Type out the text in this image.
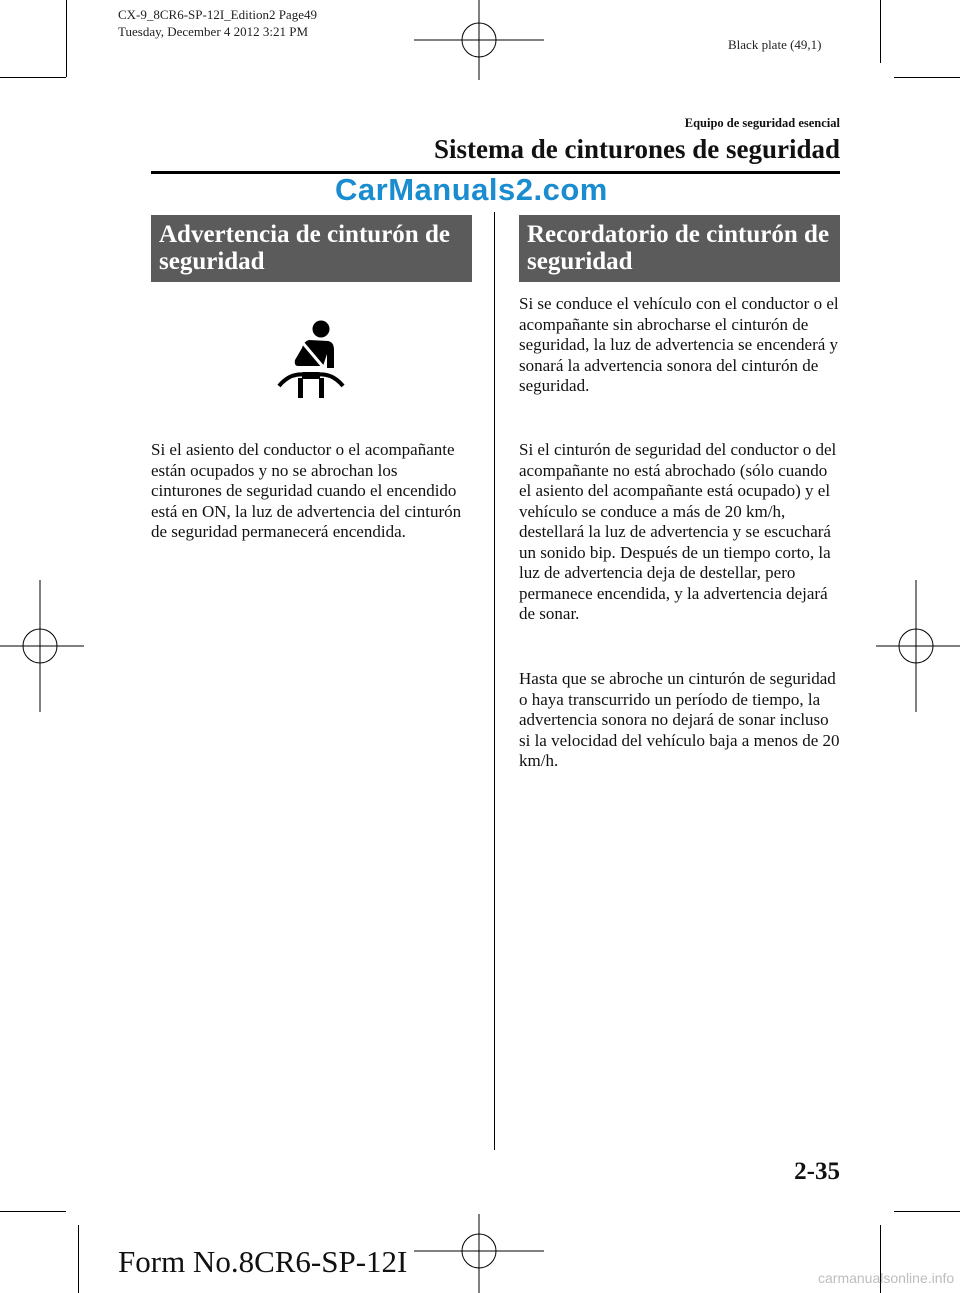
CX-9_8CR6-SP-12I_Edition2 Page49
Tuesday, December 4 2012 3:21 PM
Black plate (49,1)
Equipo de seguridad esencial
Sistema de cinturones de seguridad
CarManuals2.com
Advertencia de cinturón de seguridad
Si el asiento del conductor o el acompañante están ocupados y no se abrochan los cinturones de seguridad cuando el encendido está en ON, la luz de advertencia del cinturón de seguridad permanecerá encendida.
Recordatorio de cinturón de seguridad
Si se conduce el vehículo con el conductor o el acompañante sin abrocharse el cinturón de seguridad, la luz de advertencia se encenderá y sonará la advertencia sonora del cinturón de seguridad.
Si el cinturón de seguridad del conductor o del acompañante no está abrochado (sólo cuando el asiento del acompañante está ocupado) y el vehículo se conduce a más de 20 km/h, destellará la luz de advertencia y se escuchará un sonido bip. Después de un tiempo corto, la luz de advertencia deja de destellar, pero permanece encendida, y la advertencia dejará de sonar.
Hasta que se abroche un cinturón de seguridad o haya transcurrido un período de tiempo, la advertencia sonora no dejará de sonar incluso si la velocidad del vehículo baja a menos de 20 km/h.
2-35
Form No.8CR6-SP-12I	carmanualsonline.info
